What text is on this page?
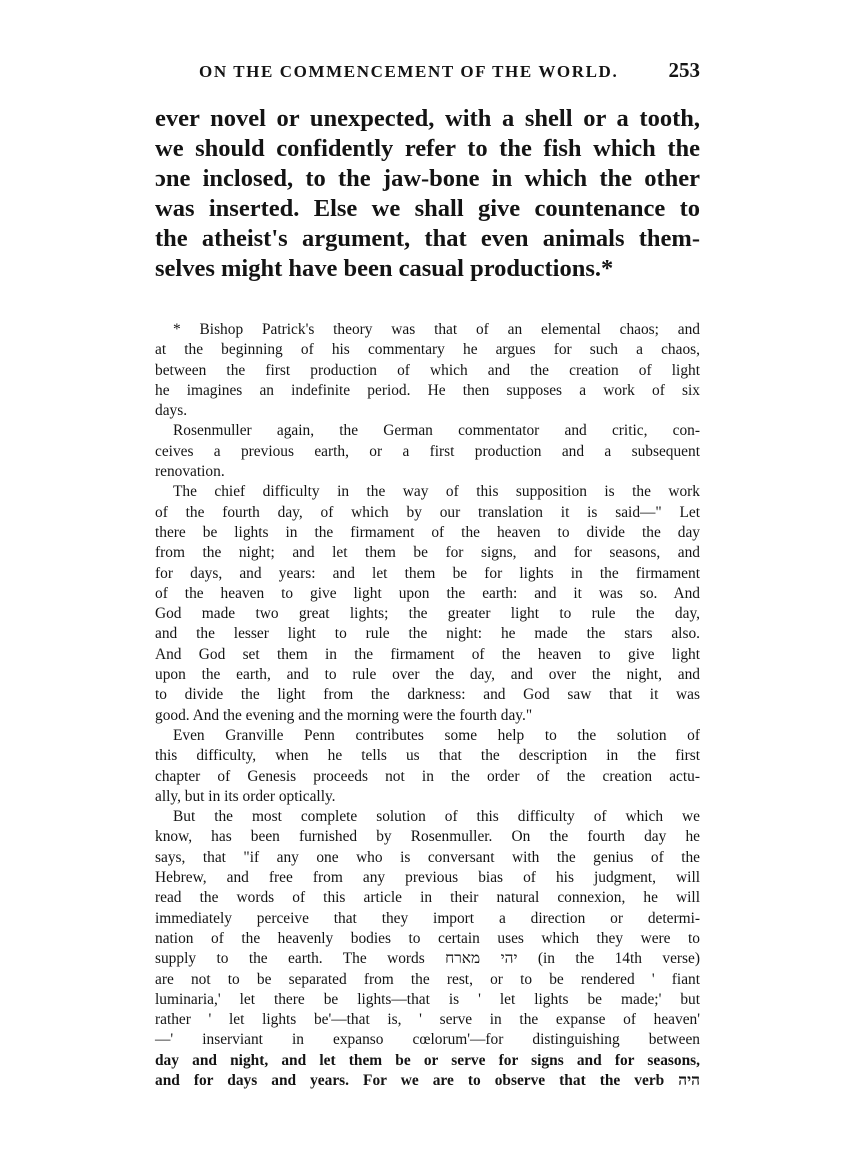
ON THE COMMENCEMENT OF THE WORLD. 253
ever novel or unexpected, with a shell or a tooth,
we should confidently refer to the fish which the
ɔne inclosed, to the jaw-bone in which the other
was inserted. Else we shall give countenance to
the atheist's argument, that even animals them-
selves might have been casual productions.*
* Bishop Patrick's theory was that of an elemental chaos; and
at the beginning of his commentary he argues for such a chaos,
between the first production of which and the creation of light
he imagines an indefinite period. He then supposes a work of six
days.
Rosenmuller again, the German commentator and critic, con-
ceives a previous earth, or a first production and a subsequent
renovation.
The chief difficulty in the way of this supposition is the work
of the fourth day, of which by our translation it is said—" Let
there be lights in the firmament of the heaven to divide the day
from the night; and let them be for signs, and for seasons, and
for days, and years: and let them be for lights in the firmament
of the heaven to give light upon the earth: and it was so. And
God made two great lights; the greater light to rule the day,
and the lesser light to rule the night: he made the stars also.
And God set them in the firmament of the heaven to give light
upon the earth, and to rule over the day, and over the night, and
to divide the light from the darkness: and God saw that it was
good. And the evening and the morning were the fourth day."
Even Granville Penn contributes some help to the solution of
this difficulty, when he tells us that the description in the first
chapter of Genesis proceeds not in the order of the creation actu-
ally, but in its order optically.
But the most complete solution of this difficulty of which we
know, has been furnished by Rosenmuller. On the fourth day he
says, that "if any one who is conversant with the genius of the
Hebrew, and free from any previous bias of his judgment, will
read the words of this article in their natural connexion, he will
immediately perceive that they import a direction or determi-
nation of the heavenly bodies to certain uses which they were to
supply to the earth. The words יהי מארח (in the 14th verse)
are not to be separated from the rest, or to be rendered ' fiant
luminaria,' let there be lights—that is ' let lights be made;' but
rather ' let lights be'—that is, ' serve in the expanse of heaven'
—' inserviant in expanso cœlorum'—for distinguishing between
day and night, and let them be or serve for signs and for seasons,
and for days and years. For we are to observe that the verb היה
